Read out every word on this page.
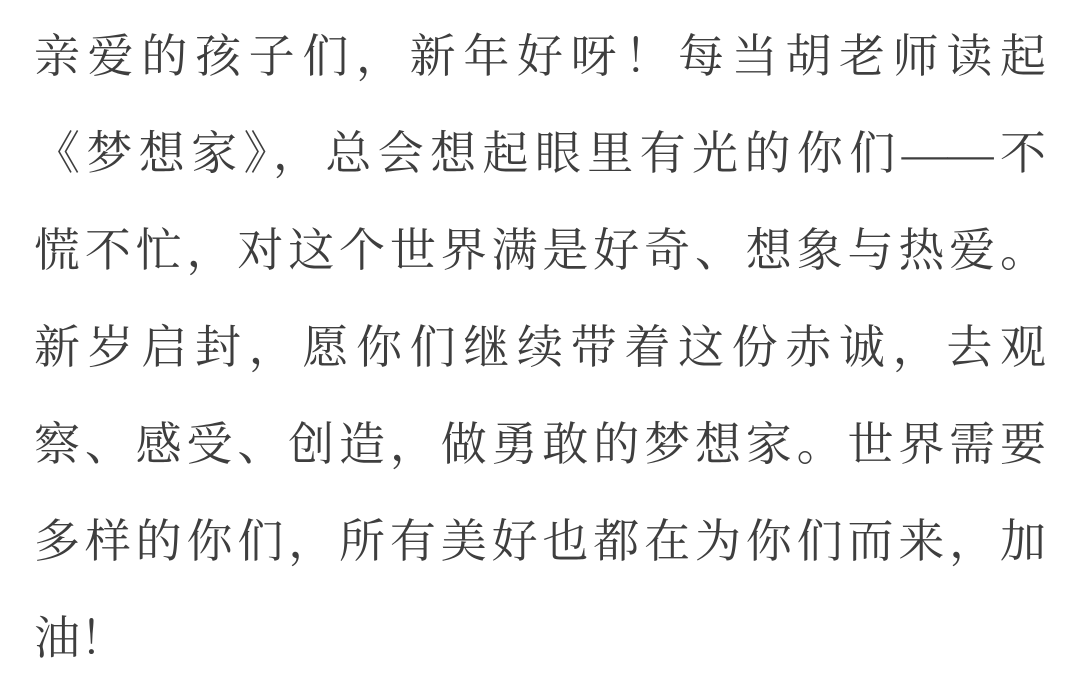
亲爱的孩子们，新年好呀！每当胡老师读起
《梦想家》，总会想起眼里有光的你们——不
慌不忙，对这个世界满是好奇、想象与热爱。
新岁启封，愿你们继续带着这份赤诚，去观
察、感受、创造，做勇敢的梦想家。世界需要
多样的你们，所有美好也都在为你们而来，加
油！
